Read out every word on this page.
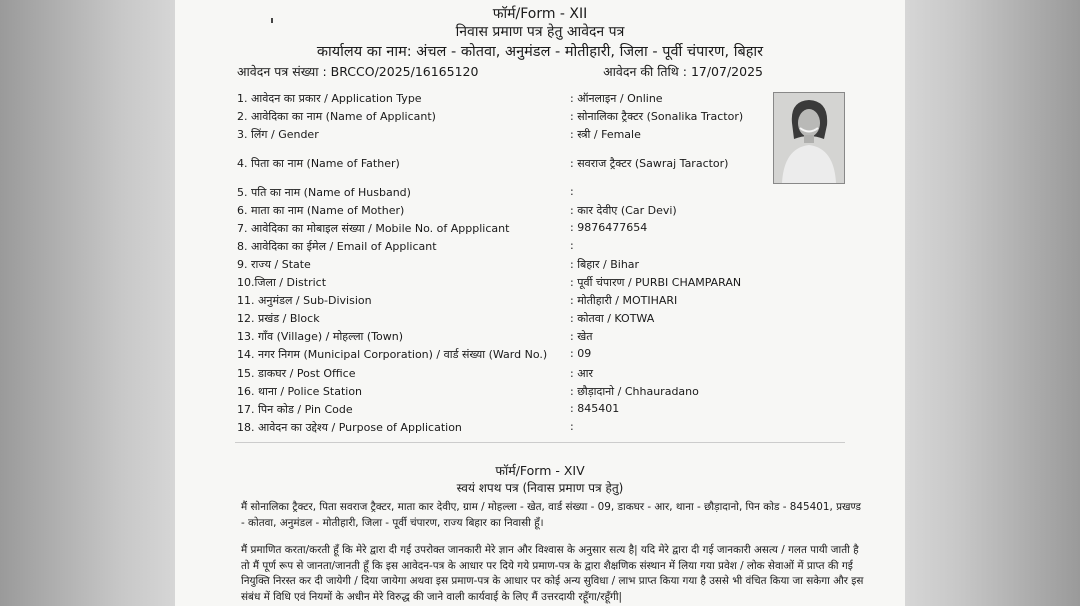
फॉर्म/Form - XII
निवास प्रमाण पत्र हेतु आवेदन पत्र
कार्यालय का नाम: अंचल - कोतवा, अनुमंडल - मोतीहारी, जिला - पूर्वी चंपारण, बिहार
आवेदन पत्र संख्या : BRCCO/2025/16165120	आवेदन की तिथि : 17/07/2025
1. आवेदन का प्रकार / Application Type	: ऑनलाइन / Online
2. आवेदिका का नाम (Name of Applicant)	: सोनालिका ट्रैक्टर (Sonalika Tractor)
3. लिंग / Gender	: स्त्री / Female
4. पिता का नाम (Name of Father)	: सवराज ट्रैक्टर (Sawraj Taractor)
5. पति का नाम (Name of Husband)	:
6. माता का नाम (Name of Mother)	: कार देवीए (Car Devi)
7. आवेदिका का मोबाइल संख्या / Mobile No. of Appplicant	: 9876477654
8. आवेदिका का ईमेल / Email of Applicant	:
9. राज्य / State	: बिहार / Bihar
10.जिला / District	: पूर्वी चंपारण / PURBI CHAMPARAN
11. अनुमंडल / Sub-Division	: मोतीहारी / MOTIHARI
12. प्रखंड / Block	: कोतवा / KOTWA
13. गाँव (Village) / मोहल्ला (Town)	: खेत
14. नगर निगम (Municipal Corporation) / वार्ड संख्या (Ward No.) : 09
15. डाकघर / Post Office	: आर
16. थाना / Police Station	: छौड़ादानो / Chhauradano
17. पिन कोड / Pin Code	: 845401
18. आवेदन का उद्देश्य / Purpose of Application	:
फॉर्म/Form - XIV
स्वयं शपथ पत्र (निवास प्रमाण पत्र हेतु)
मैं सोनालिका ट्रैक्टर, पिता सवराज ट्रैक्टर, माता कार देवीए, ग्राम / मोहल्ला - खेत, वार्ड संख्या - 09, डाकघर - आर, थाना - छौड़ादानो, पिन कोड - 845401, प्रखण्ड - कोतवा, अनुमंडल - मोतीहारी, जिला - पूर्वी चंपारण, राज्य बिहार का निवासी हूँ।
मैं प्रमाणित करता/करती हूँ कि मेरे द्वारा दी गई उपरोक्त जानकारी मेरे ज्ञान और विश्वास के अनुसार सत्य है| यदि मेरे द्वारा दी गई जानकारी असत्य / गलत पायी जाती है तो मैं पूर्ण रूप से जानता/जानती हूँ कि इस आवेदन-पत्र के आधार पर दिये गये प्रमाण-पत्र के द्वारा शैक्षणिक संस्थान में लिया गया प्रवेश / लोक सेवाओं में प्राप्त की गई नियुक्ति निरस्त कर दी जायेगी / दिया जायेगा अथवा इस प्रमाण-पत्र के आधार पर कोई अन्य सुविधा / लाभ प्राप्त किया गया है उससे भी वंचित किया जा सकेगा और इस संबंध में विधि एवं नियमों के अधीन मेरे विरुद्ध की जाने वाली कार्यवाई के लिए मैं उत्तरदायी रहूँगा/रहूँगी|
